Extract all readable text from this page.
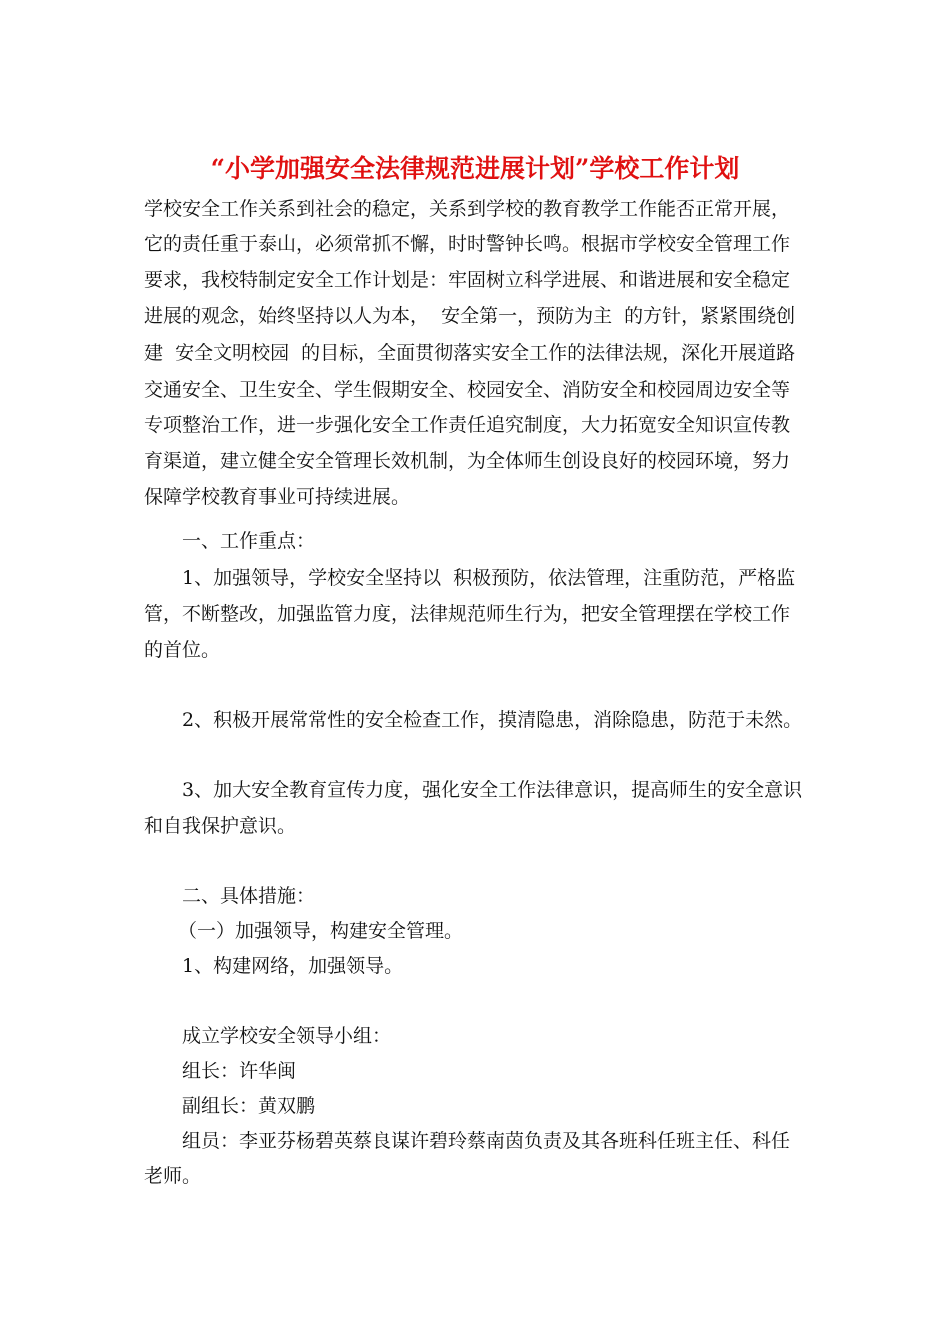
“小学加强安全法律规范进展计划”学校工作计划
学校安全工作关系到社会的稳定，关系到学校的教育教学工作能否正常开展，
它的责任重于泰山，必须常抓不懈，时时警钟长鸣。根据市学校安全管理工作
要求，我校特制定安全工作计划是：牢固树立科学进展、和谐进展和安全稳定
进展的观念，始终坚持以人为本，  安全第一，预防为主  的方针，紧紧围绕创
建  安全文明校园  的目标，全面贯彻落实安全工作的法律法规，深化开展道路
交通安全、卫生安全、学生假期安全、校园安全、消防安全和校园周边安全等
专项整治工作，进一步强化安全工作责任追究制度，大力拓宽安全知识宣传教
育渠道，建立健全安全管理长效机制，为全体师生创设良好的校园环境，努力
保障学校教育事业可持续进展。
一、工作重点：
1、加强领导，学校安全坚持以  积极预防，依法管理，注重防范，严格监
管，不断整改，加强监管力度，法律规范师生行为，把安全管理摆在学校工作
的首位。
2、积极开展常常性的安全检查工作，摸清隐患，消除隐患，防范于未然。
3、加大安全教育宣传力度，强化安全工作法律意识，提高师生的安全意识
和自我保护意识。
二、具体措施：
（一）加强领导，构建安全管理。
1、构建网络，加强领导。
成立学校安全领导小组：
组长：许华闽
副组长：黄双鹏
组员：李亚芬杨碧英蔡良谋许碧玲蔡南茵负责及其各班科任班主任、科任
老师。
